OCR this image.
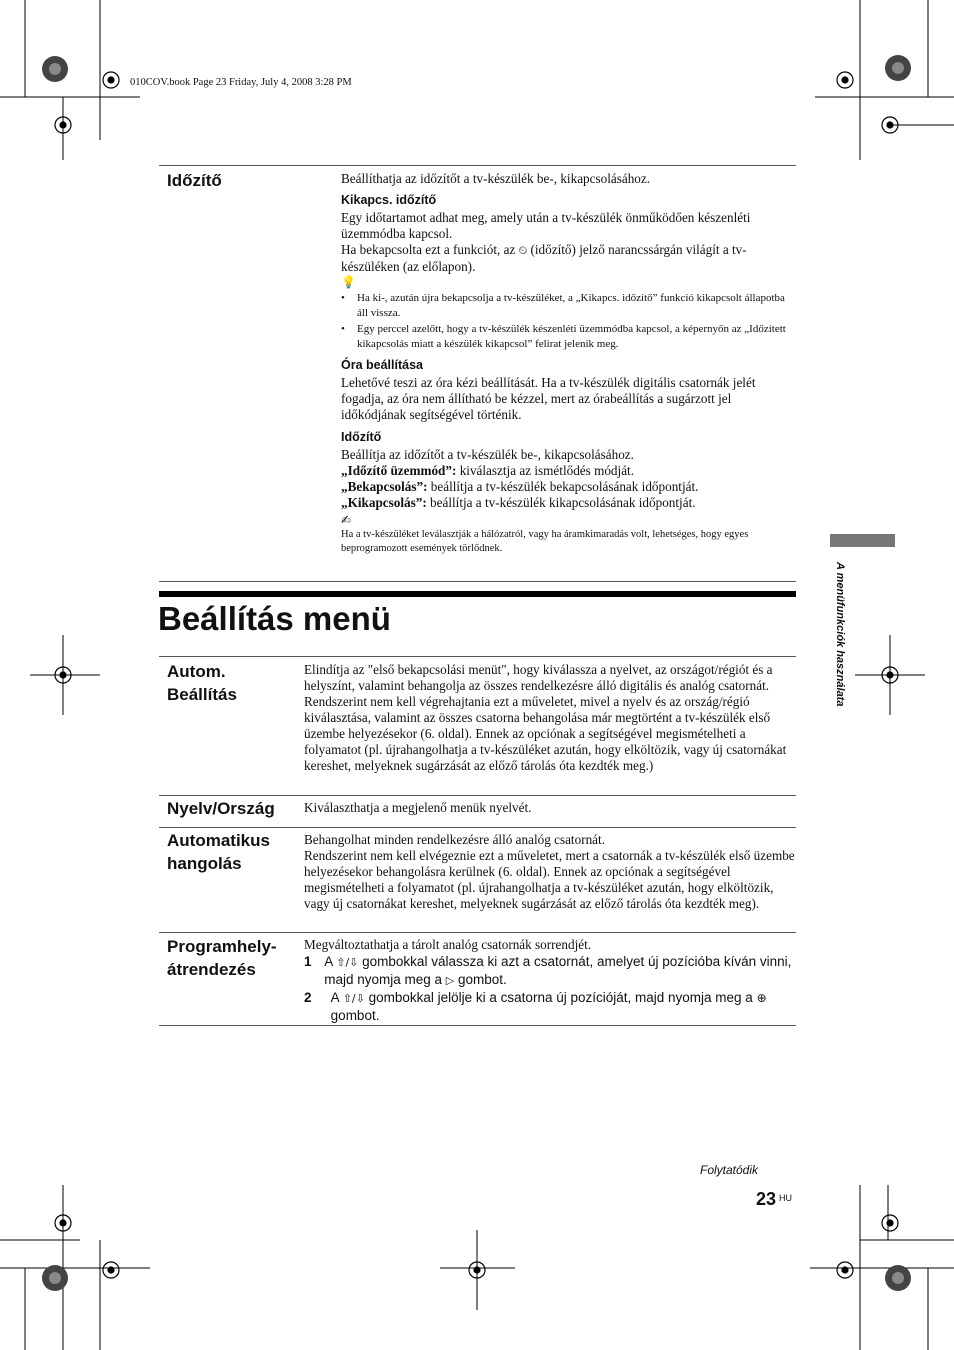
010COV.book Page 23 Friday, July 4, 2008 3:28 PM
Időzítő	Beállíthatja az időzítőt a tv-készülék be-, kikapcsolásához.

Kikapcs. időzítő

Egy időtartamot adhat meg, amely után a tv-készülék önműködően készenléti üzemmódba kapcsol.

Ha bekapcsolta ezt a funkciót, az ⏲ (időzítő) jelző narancssárgán világít a tv-készüléken (az előlapon).

💡

• Ha ki-, azután újra bekapcsolja a tv-készüléket, a „Kikapcs. időzítő” funkció kikapcsolt állapotba áll vissza.

• Egy perccel azelőtt, hogy a tv-készülék készenléti üzemmódba kapcsol, a képernyőn az „Időzített kikapcsolás miatt a készülék kikapcsol” felirat jelenik meg.

Óra beállítása

Lehetővé teszi az óra kézi beállítását. Ha a tv-készülék digitális csatornák jelét fogadja, az óra nem állítható be kézzel, mert az órabeállítás a sugárzott jel időkódjának segítségével történik.

Időzítő

Beállítja az időzítőt a tv-készülék be-, kikapcsolásához.

„Időzítő üzemmód”: kiválasztja az ismétlődés módját.

„Bekapcsolás”: beállítja a tv-készülék bekapcsolásának időpontját.

„Kikapcsolás”: beállítja a tv-készülék kikapcsolásának időpontját.

✍

Ha a tv-készüléket leválasztják a hálózatról, vagy ha áramkimaradás volt, lehetséges, hogy egyes beprogramozott események törlődnek.

Beállítás menü
Autom.
Beállítás

Elindítja az "első bekapcsolási menüt", hogy kiválassza a nyelvet, az országot/régiót és a helyszínt, valamint behangolja az összes rendelkezésre álló digitális és analóg csatornát. Rendszerint nem kell végrehajtania ezt a műveletet, mivel a nyelv és az ország/régió kiválasztása, valamint az összes csatorna behangolása már megtörtént a tv-készülék első üzembe helyezésekor (6. oldal). Ennek az opciónak a segítségével megismételheti a folyamatot (pl. újrahangolhatja a tv-készüléket azután, hogy elköltözik, vagy új csatornákat kereshet, melyeknek sugárzását az előző tárolás óta kezdték meg.)

Nyelv/Ország Kiválaszthatja a megjelenő menük nyelvét.

Automatikus
hangolás

Behangolhat minden rendelkezésre álló analóg csatornát.
Rendszerint nem kell elvégeznie ezt a műveletet, mert a csatornák a tv-készülék első üzembe helyezésekor behangolásra kerülnek (6. oldal). Ennek az opciónak a segítségével megismételheti a folyamatot (pl. újrahangolhatja a tv-készüléket azután, hogy elköltözik, vagy új csatornákat kereshet, melyeknek sugárzását az előző tárolás óta kezdték meg).

Programhely-
átrendezés

Megváltoztathatja a tárolt analóg csatornák sorrendjét.

1 A ⇧/⇩ gombokkal válassza ki azt a csatornát, amelyet új pozícióba kíván vinni, majd nyomja meg a ▷ gombot.
2	A ⇧/⇩ gombokkal jelölje ki a csatorna új pozícióját, majd nyomja meg a ⊕ gombot.
A menüfunkciók használata
Folytatódik
23 $^{HU}$
